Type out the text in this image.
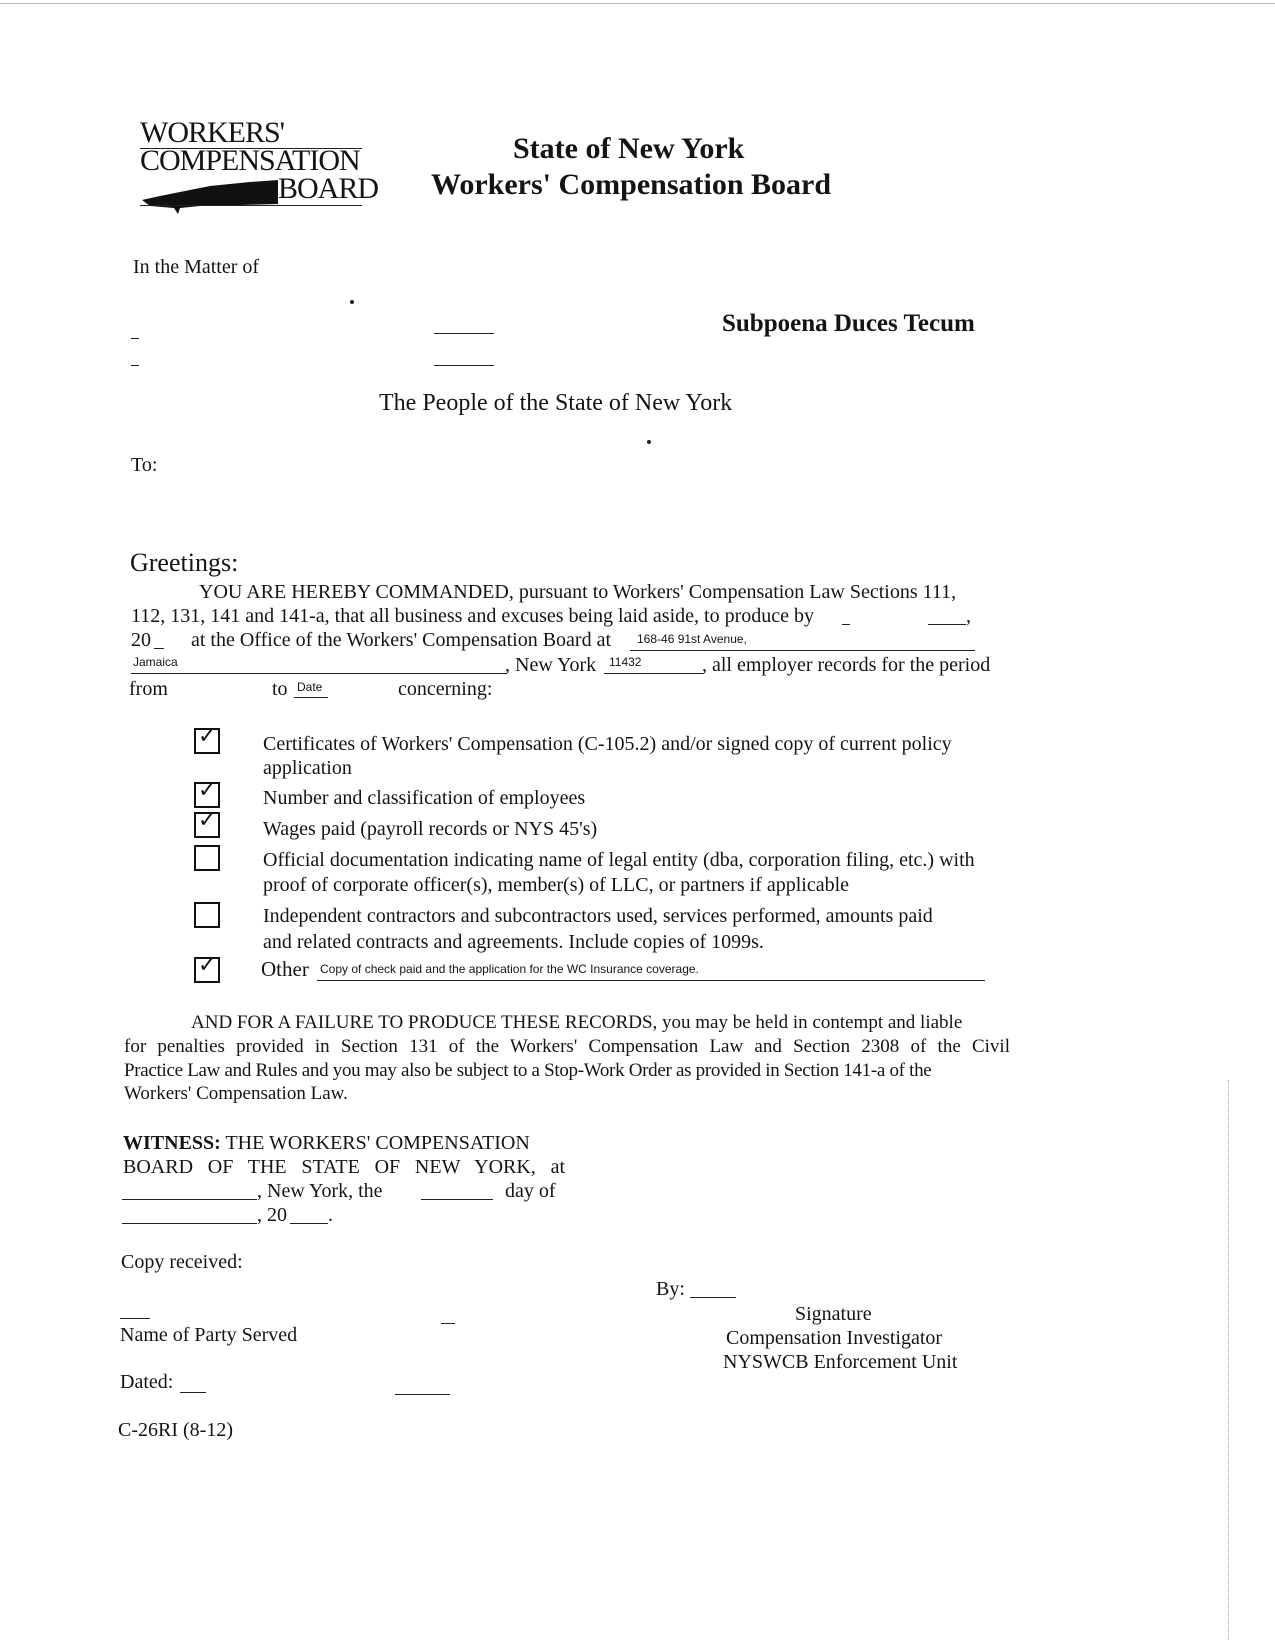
WORKERS'
COMPENSATION
BOARD
State of New York
Workers' Compensation Board
In the Matter of
Subpoena Duces Tecum
The People of the State of New York
To:
Greetings:
YOU ARE HEREBY COMMANDED, pursuant to Workers' Compensation Law Sections 111,
112, 131, 141 and 141-a, that all business and excuses being laid aside, to produce by	,
20 at the Office of the Workers' Compensation Board at 168-46 91st Avenue,
Jamaica	, New York 11432	, all employer records for the period
from	to Date	concerning:
✓ Certificates of Workers' Compensation (C-105.2) and/or signed copy of current policy
application
✓ Number and classification of employees
✓ Wages paid (payroll records or NYS 45's)
Official documentation indicating name of legal entity (dba, corporation filing, etc.) with
proof of corporate officer(s), member(s) of LLC, or partners if applicable
Independent contractors and subcontractors used, services performed, amounts paid
and related contracts and agreements. Include copies of 1099s.
✓ Other Copy of check paid and the application for the WC Insurance coverage.
AND FOR A FAILURE TO PRODUCE THESE RECORDS, you may be held in contempt and liable
for penalties provided in Section 131 of the Workers' Compensation Law and Section 2308 of the Civil
Practice Law and Rules and you may also be subject to a Stop-Work Order as provided in Section 141-a of the
Workers' Compensation Law.
WITNESS: THE WORKERS' COMPENSATION
BOARD OF THE STATE OF NEW YORK, at
, New York, the	day of
, 20 .
Copy received:
By:
Signature
Compensation Investigator
NYSWCB Enforcement Unit
Name of Party Served
Dated:
C-26RI (8-12)
